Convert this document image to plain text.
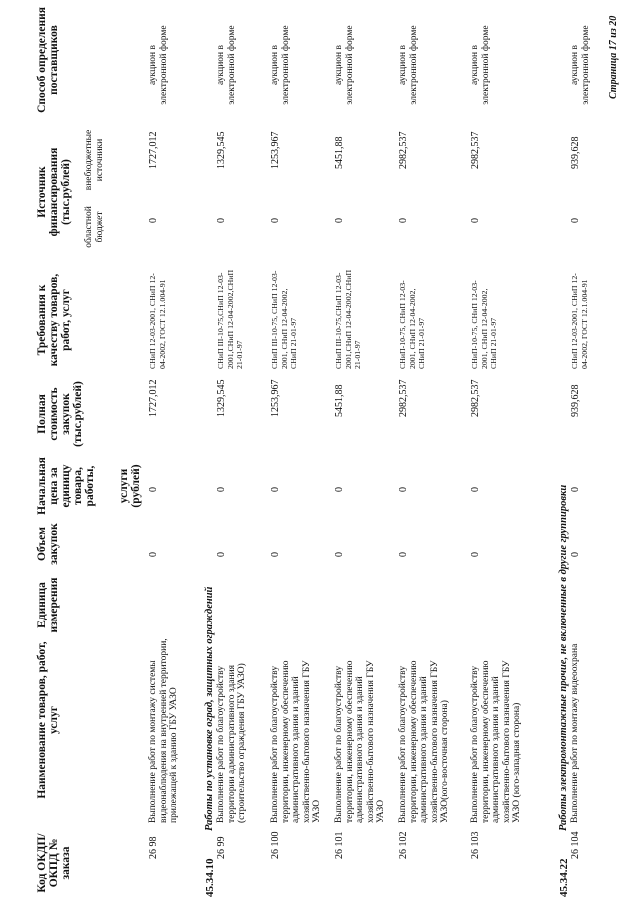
Код ОКДП/ ОКПД № заказа
Наименование товаров, работ, услуг
Единица измерения
Объем закупок
Начальная цена за единицу товара, работы, услуги (рублей)
Полная стоимость закупок (тыс.рублей)
Требования к качеству товаров, работ, услуг
Источник финансирования (тыс.рублей)
областной бюджет
внебюджетные источники
Способ определения поставщиков
26 98
Выполнение работ по монтажу системы видеонаблюдения на внутренней территории, прилежащей к зданию ГБУ УАЗО
0
0
1727,012
СНиП 12-03-2001, СНиП 12-04-2002, ГОСТ 12.1.004-91
0
1727,012
аукцион в электронной форме
45.34.10
Работы по установке оград, защитных ограждений
26 99
Выполнение работ по благоустройству территории административного здания (строительство ограждения ГБУ УАЗО)
0
0
1329,545
СНиП III-10-75,СНиП 12-03-2001,СНиП 12-04-2002,СНиП 21-01-97
0
1329,545
аукцион в электронной форме
26 100
Выполнение работ по благоустройству территории, инженерному обеспечению административного здания и зданий хозяйственно-бытового назначения ГБУ УАЗО
0
0
1253,967
СНиП III-10-75, СНиП 12-03-2001, СНиП 12-04-2002, СНиП 21-01-97
0
1253,967
аукцион в электронной форме
26 101
Выполнение работ по благоустройству территории, инженерному обеспечению административного здания и зданий хозяйственно-бытового назначения ГБУ УАЗО
0
0
5451,88
СНиП III-10-75,СНиП 12-03-2001,СНиП 12-04-2002,СНиП 21-01-97
0
5451,88
аукцион в электронной форме
26 102
Выполнение работ по благоустройству территории, инженерному обеспечению административного здания и зданий хозяйственно-бытового назначения ГБУ УАЗО(юго-восточная сторона)
0
0
2982,537
СНиП-10-75, СНиП 12-03-2001, СНиП 12-04-2002, СНиП 21-01-97
0
2982,537
аукцион в электронной форме
26 103
Выполнение работ по благоустройству территории, инженерному обеспечению административного здания и зданий хозяйственно-бытового назначения ГБУ УАЗО (юго-западная сторона)
0
0
2982,537
СНиП-10-75, СНиП 12-03-2001, СНиП 12-04-2002, СНиП 21-01-97
0
2982,537
аукцион в электронной форме
45.34.22
Работы электромонтажные прочие, не включенные в другие группировки
26 104
Выполнение работ по монтажу видеоохрана
0
0
939,628
СНиП 12-03-2001, СНиП 12-04-2002, ГОСТ 12.1.004-91
0
939,628
аукцион в электронной форме Страница 17 из 20
